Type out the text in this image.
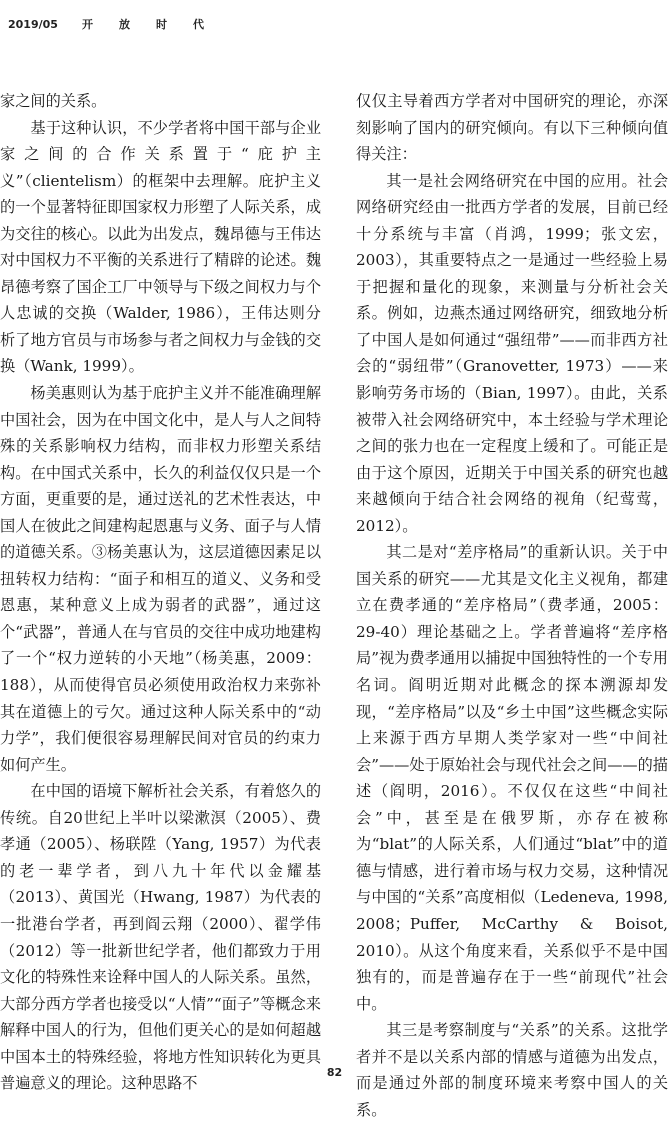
2019/05 开放时代

家之间的关系。

基于这种认识，不少学者将中国干部与企业家之间的合作关系置于“庇护主义”（clientelism）的框架中去理解。庇护主义的一个显著特征即国家权力形塑了人际关系，成为交往的核心。以此为出发点，魏昂德与王伟达对中国权力不平衡的关系进行了精辟的论述。魏昂德考察了国企工厂中领导与下级之间权力与个人忠诚的交换（Walder, 1986），王伟达则分析了地方官员与市场参与者之间权力与金钱的交换（Wank, 1999）。

杨美惠则认为基于庇护主义并不能准确理解中国社会，因为在中国文化中，是人与人之间特殊的关系影响权力结构，而非权力形塑关系结构。在中国式关系中，长久的利益仅仅只是一个方面，更重要的是，通过送礼的艺术性表达，中国人在彼此之间建构起恩惠与义务、面子与人情的道德关系。③杨美惠认为，这层道德因素足以扭转权力结构：“面子和相互的道义、义务和受恩惠，某种意义上成为弱者的武器”，通过这个“武器”，普通人在与官员的交往中成功地建构了一个“权力逆转的小天地”（杨美惠，2009：188），从而使得官员必须使用政治权力来弥补其在道德上的亏欠。通过这种人际关系中的“动力学”，我们便很容易理解民间对官员的约束力如何产生。

在中国的语境下解析社会关系，有着悠久的传统。自20世纪上半叶以梁漱溟（2005）、费孝通（2005）、杨联陞（Yang, 1957）为代表的老一辈学者，到八九十年代以金耀基（2013）、黄国光（Hwang, 1987）为代表的一批港台学者，再到阎云翔（2000）、翟学伟（2012）等一批新世纪学者，他们都致力于用文化的特殊性来诠释中国人的人际关系。虽然，大部分西方学者也接受以“人情”“面子”等概念来解释中国人的行为，但他们更关心的是如何超越中国本土的特殊经验，将地方性知识转化为更具普遍意义的理论。这种思路不

仅仅主导着西方学者对中国研究的理论，亦深刻影响了国内的研究倾向。有以下三种倾向值得关注：

其一是社会网络研究在中国的应用。社会网络研究经由一批西方学者的发展，目前已经十分系统与丰富（肖鸿，1999；张文宏，2003），其重要特点之一是通过一些经验上易于把握和量化的现象，来测量与分析社会关系。例如，边燕杰通过网络研究，细致地分析了中国人是如何通过“强纽带”——而非西方社会的“弱纽带”（Granovetter, 1973）——来影响劳务市场的（Bian, 1997）。由此，关系被带入社会网络研究中，本土经验与学术理论之间的张力也在一定程度上缓和了。可能正是由于这个原因，近期关于中国关系的研究也越来越倾向于结合社会网络的视角（纪莺莺，2012）。

其二是对“差序格局”的重新认识。关于中国关系的研究——尤其是文化主义视角，都建立在费孝通的“差序格局”（费孝通，2005：29-40）理论基础之上。学者普遍将“差序格局”视为费孝通用以捕捉中国独特性的一个专用名词。阎明近期对此概念的探本溯源却发现，“差序格局”以及“乡土中国”这些概念实际上来源于西方早期人类学家对一些“中间社会”——处于原始社会与现代社会之间——的描述（阎明，2016）。不仅仅在这些“中间社会”中，甚至是在俄罗斯，亦存在被称为“blat”的人际关系，人们通过“blat”中的道德与情感，进行着市场与权力交易，这种情况与中国的“关系”高度相似（Ledeneva, 1998, 2008；Puffer, McCarthy & Boisot, 2010）。从这个角度来看，关系似乎不是中国独有的，而是普遍存在于一些“前现代”社会中。

其三是考察制度与“关系”的关系。这批学者并不是以关系内部的情感与道德为出发点，而是通过外部的制度环境来考察中国人的关系。

82
